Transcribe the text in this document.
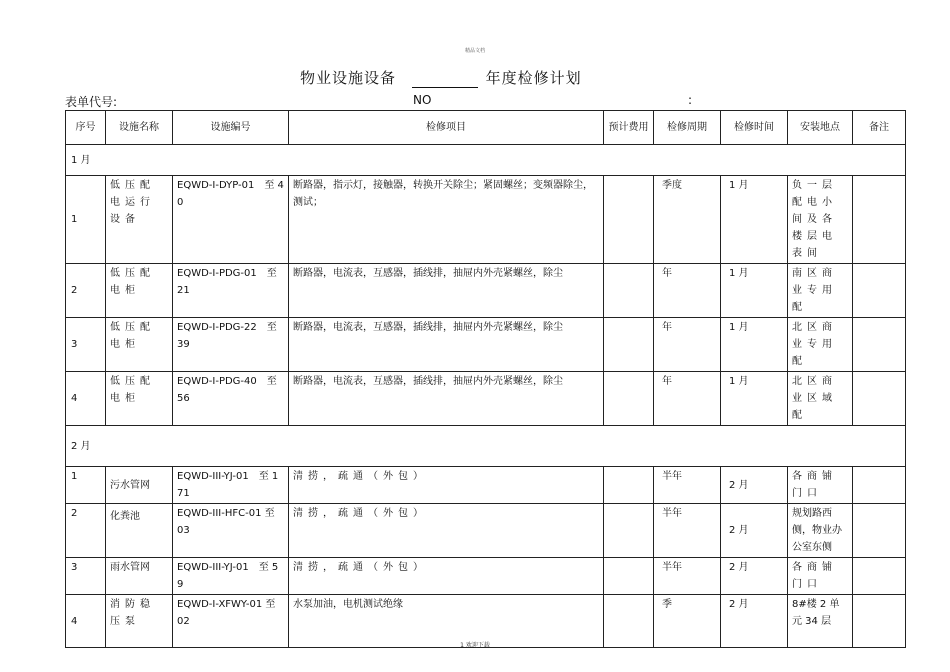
精品文档
物业设施设备	年度检修计划
表单代号:	NO	:
序号	设施名称	设施编号	检修项目	预计费用	检修周期	检修时间	安装地点	备注
1 月								
1	低压配电运行设备	EQWD-I-DYP-01　至 40	断路器，指示灯，接触器，转换开关除尘；紧固螺丝；变频器除尘，测试；		季度	1 月	负一层配电小间及各楼层电表间	
2	低压配电柜	EQWD-I-PDG-01　至 21	断路器，电流表，互感器，插线排，抽屉内外壳紧螺丝，除尘		年	1 月	南区商业专用配	
3	低压配电柜	EQWD-I-PDG-22　至 39	断路器，电流表，互感器，插线排，抽屉内外壳紧螺丝，除尘		年	1 月	北区商业专用配	
4	低压配电柜	EQWD-I-PDG-40　至 56	断路器，电流表，互感器，插线排，抽屉内外壳紧螺丝，除尘		年	1 月	北区商业区域配	
2 月								
1	污水管网	EQWD-III-YJ-01　至 171	清捞，疏通（外包）		半年	2 月	各商铺门口	
2	化粪池	EQWD-III-HFC-01 至 03	清捞，疏通（外包）		半年	2 月	规划路西侧，物业办公室东侧	
3	雨水管网	EQWD-III-YJ-01　至 59	清捞，疏通（外包）		半年	2 月	各商铺门口	
4	消防稳压泵	EQWD-I-XFWY-01 至 02	水泵加油，电机测试绝缘		季	2 月	8#楼 2 单元 34 层	
1 欢迎下载
